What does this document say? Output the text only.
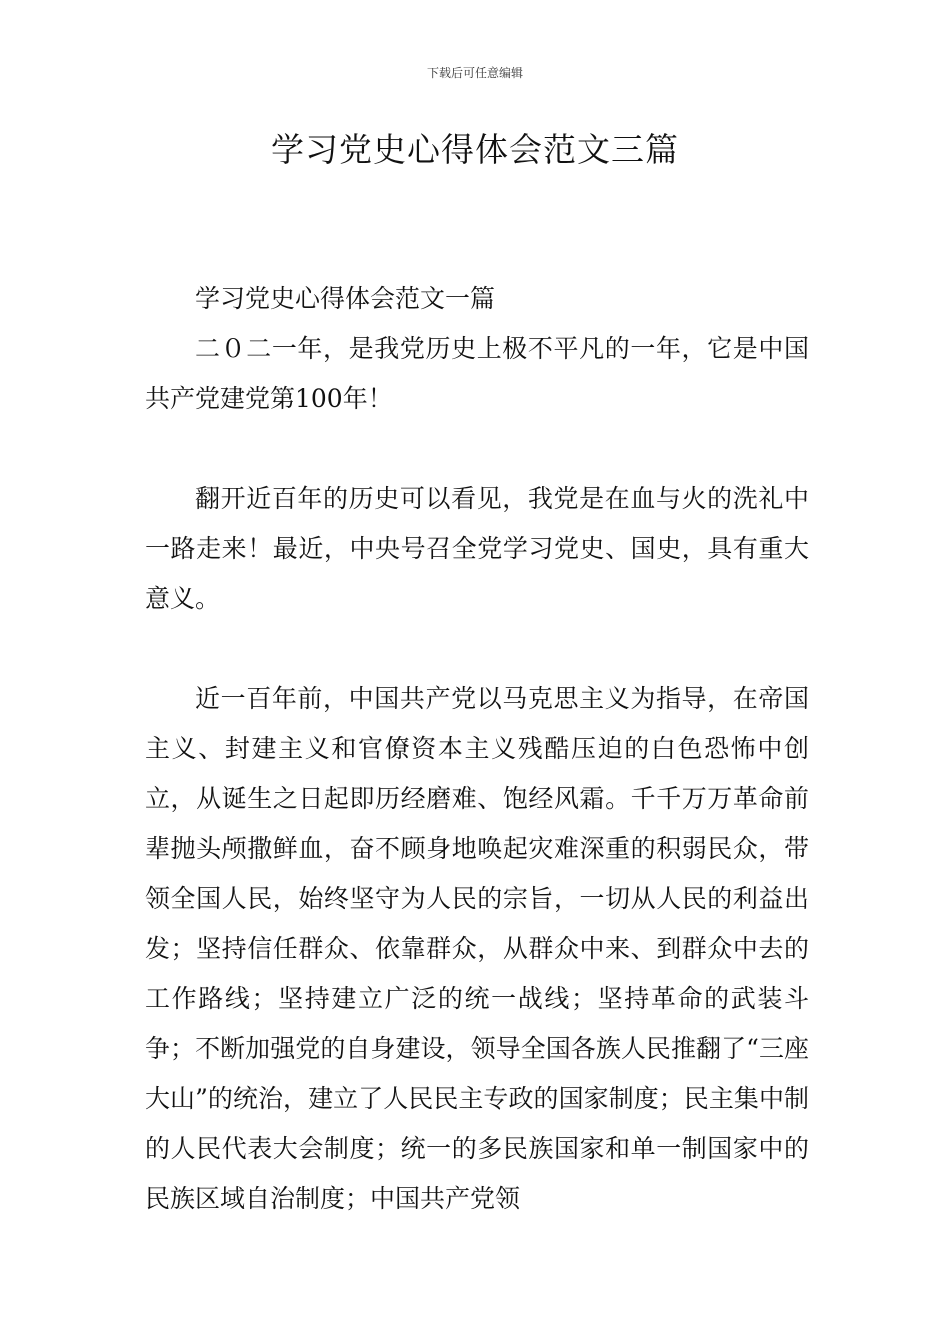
下载后可任意编辑
学习党史心得体会范文三篇

学习党史心得体会范文一篇

二０二一年，是我党历史上极不平凡的一年，它是中国共产党建党第100年！

翻开近百年的历史可以看见，我党是在血与火的洗礼中一路走来！最近，中央号召全党学习党史、国史，具有重大意义。

近一百年前，中国共产党以马克思主义为指导，在帝国主义、封建主义和官僚资本主义残酷压迫的白色恐怖中创立，从诞生之日起即历经磨难、饱经风霜。千千万万革命前辈抛头颅撒鲜血，奋不顾身地唤起灾难深重的积弱民众，带领全国人民，始终坚守为人民的宗旨，一切从人民的利益出发；坚持信任群众、依靠群众，从群众中来、到群众中去的工作路线；坚持建立广泛的统一战线；坚持革命的武装斗争；不断加强党的自身建设，领导全国各族人民推翻了“三座大山”的统治，建立了人民民主专政的国家制度；民主集中制的人民代表大会制度；统一的多民族国家和单一制国家中的民族区域自治制度；中国共产党领
